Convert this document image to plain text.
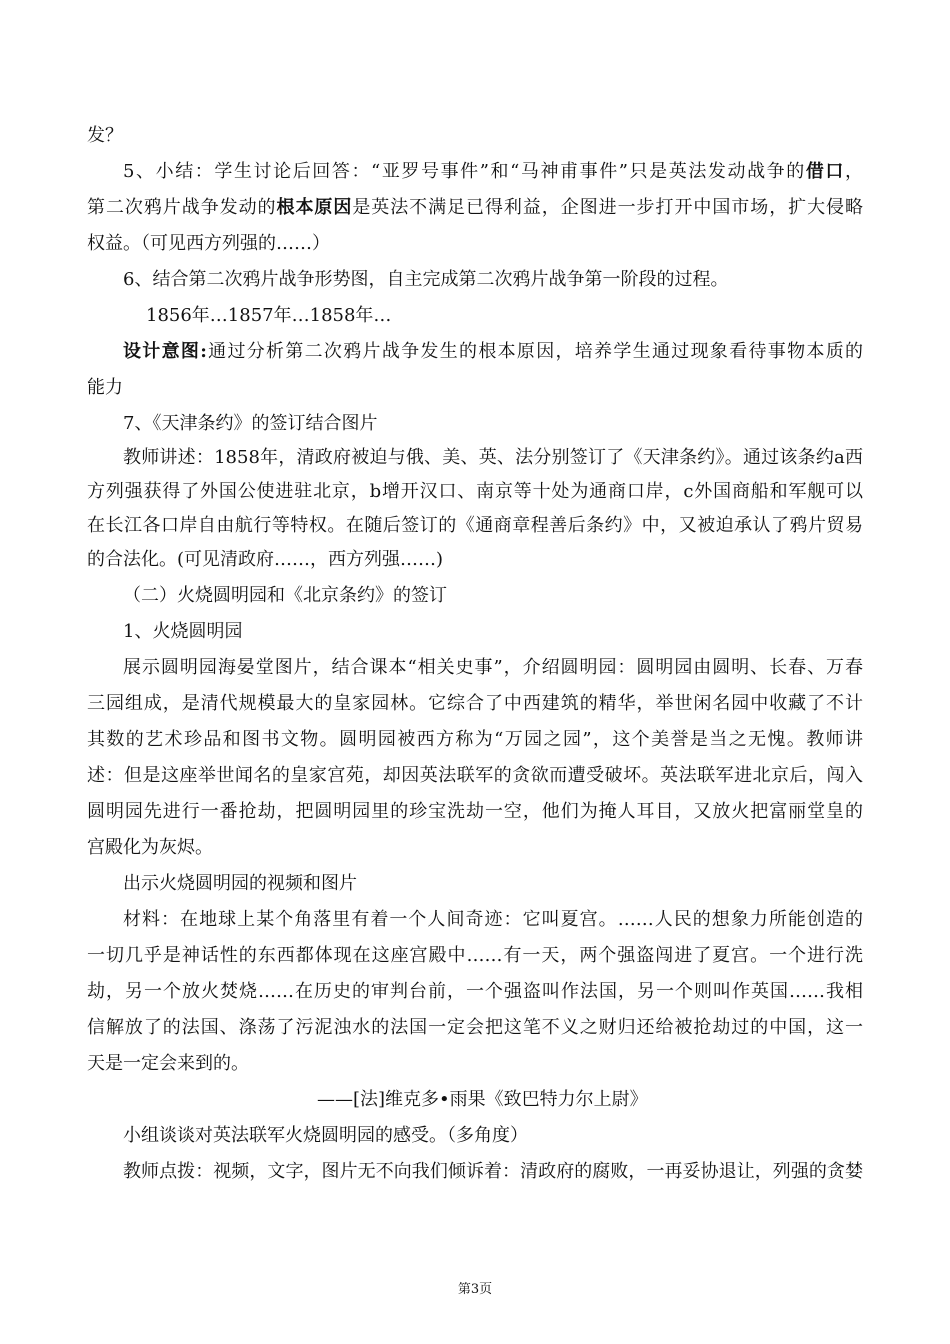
发？
5、小结：学生讨论后回答：“亚罗号事件”和“马神甫事件”只是英法发动战争的借口，
第二次鸦片战争发动的根本原因是英法不满足已得利益，企图进一步打开中国市场，扩大侵略
权益。（可见西方列强的……）
6、结合第二次鸦片战争形势图，自主完成第二次鸦片战争第一阶段的过程。
1856年…1857年…1858年…
设计意图:通过分析第二次鸦片战争发生的根本原因，培养学生通过现象看待事物本质的
能力
7、《天津条约》的签订结合图片
教师讲述：1858年，清政府被迫与俄、美、英、法分别签订了《天津条约》。通过该条约a西
方列强获得了外国公使进驻北京，b增开汉口、南京等十处为通商口岸，c外国商船和军舰可以
在长江各口岸自由航行等特权。在随后签订的《通商章程善后条约》中，又被迫承认了鸦片贸易
的合法化。(可见清政府……，西方列强……)
（二）火烧圆明园和《北京条约》的签订
1、火烧圆明园
展示圆明园海晏堂图片，结合课本“相关史事”，介绍圆明园：圆明园由圆明、长春、万春
三园组成，是清代规模最大的皇家园林。它综合了中西建筑的精华，举世闲名园中收藏了不计
其数的艺术珍品和图书文物。圆明园被西方称为“万园之园”，这个美誉是当之无愧。教师讲
述：但是这座举世闻名的皇家宫苑，却因英法联军的贪欲而遭受破坏。英法联军进北京后，闯入
圆明园先进行一番抢劫，把圆明园里的珍宝洗劫一空，他们为掩人耳目，又放火把富丽堂皇的
宫殿化为灰烬。
出示火烧圆明园的视频和图片
材料：在地球上某个角落里有着一个人间奇迹：它叫夏宫。……人民的想象力所能创造的
一切几乎是神话性的东西都体现在这座宫殿中……有一天，两个强盗闯进了夏宫。一个进行洗
劫，另一个放火焚烧……在历史的审判台前，一个强盗叫作法国，另一个则叫作英国……我相
信解放了的法国、涤荡了污泥浊水的法国一定会把这笔不义之财归还给被抢劫过的中国，这一
天是一定会来到的。
——[法]维克多•雨果《致巴特力尔上尉》
小组谈谈对英法联军火烧圆明园的感受。（多角度）
教师点拨：视频，文字，图片无不向我们倾诉着：清政府的腐败，一再妥协退让，列强的贪婪
第3页
